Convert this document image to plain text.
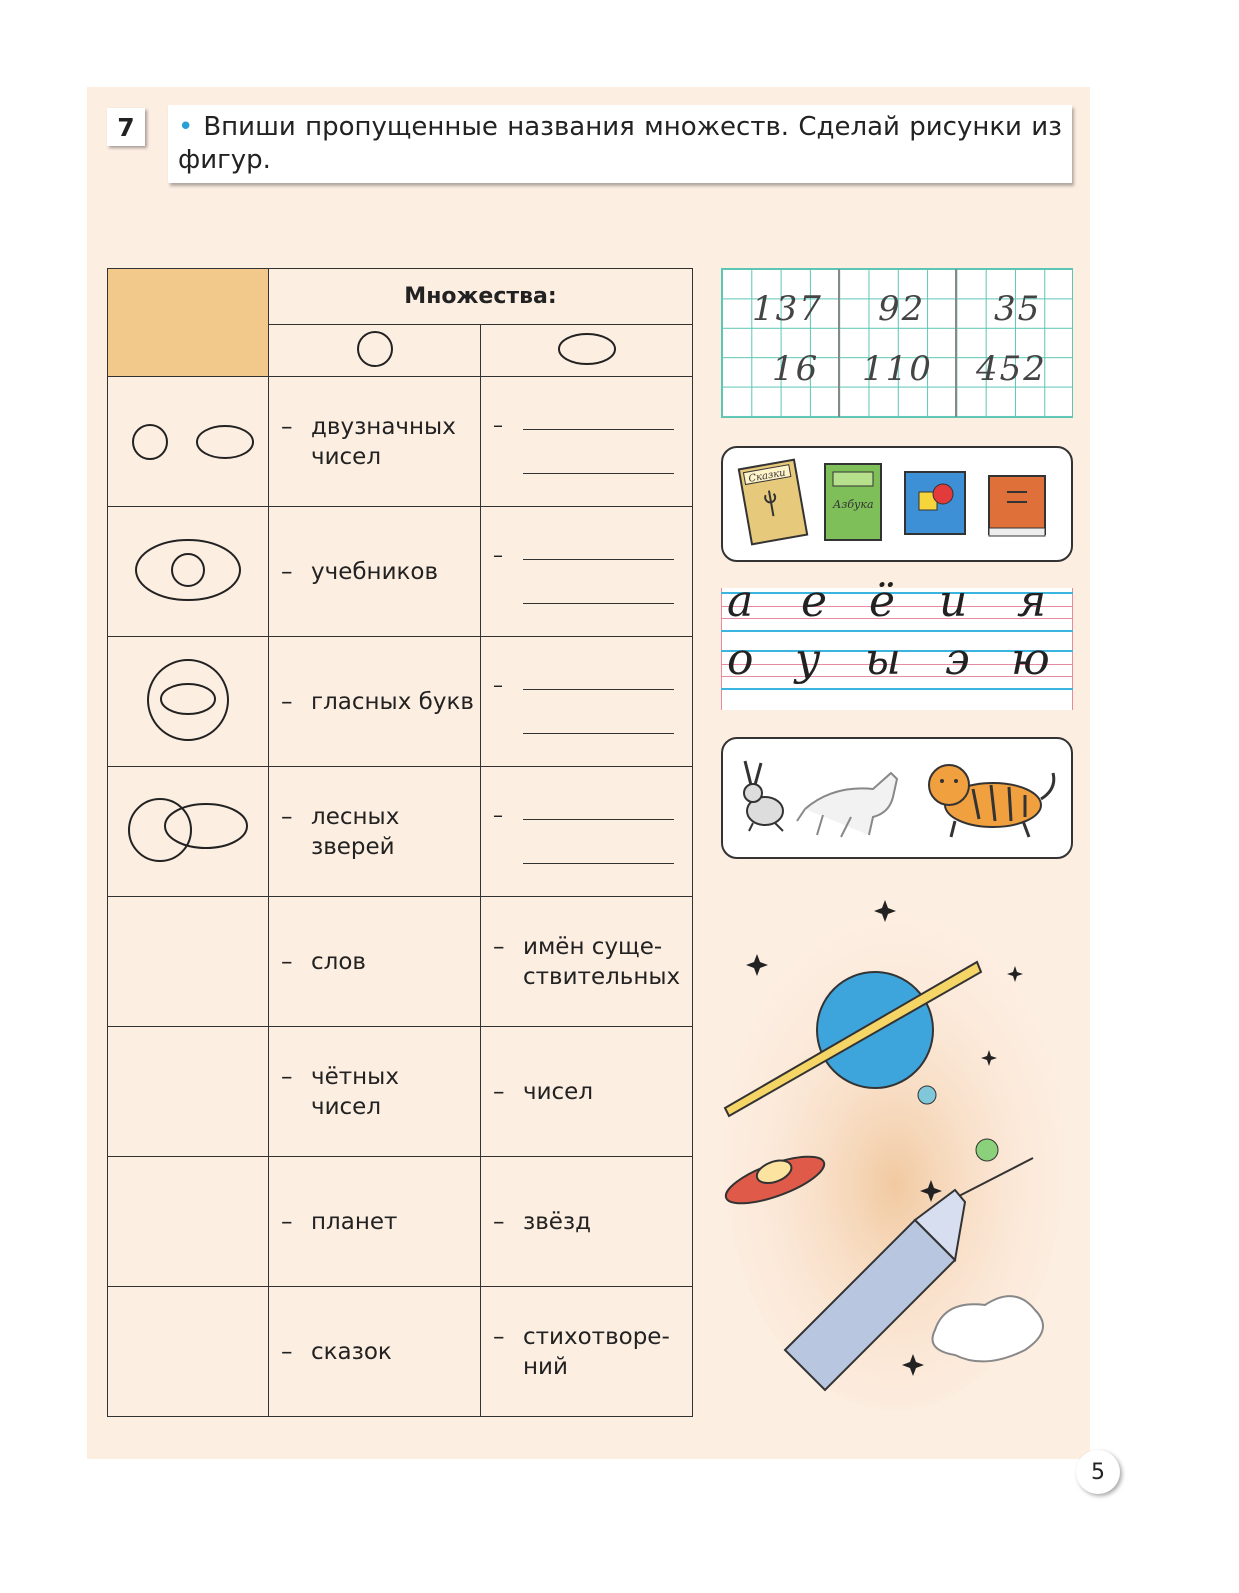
7	• Впиши пропущенные названия множеств. Сделай рисунки из фигур.
	Множества:	

– двузначных чисел	–

– учебников	–

– гласных букв	–

– лесных зверей	–

	– слов	– имён суще-ствительных

	– чётных чисел	– чисел

	– планет	– звёзд

	– сказок	– стихотворе-ний
137 92 35
16 110 452
Сказки
Азбука
а е ё и я
о у ы э ю
5
